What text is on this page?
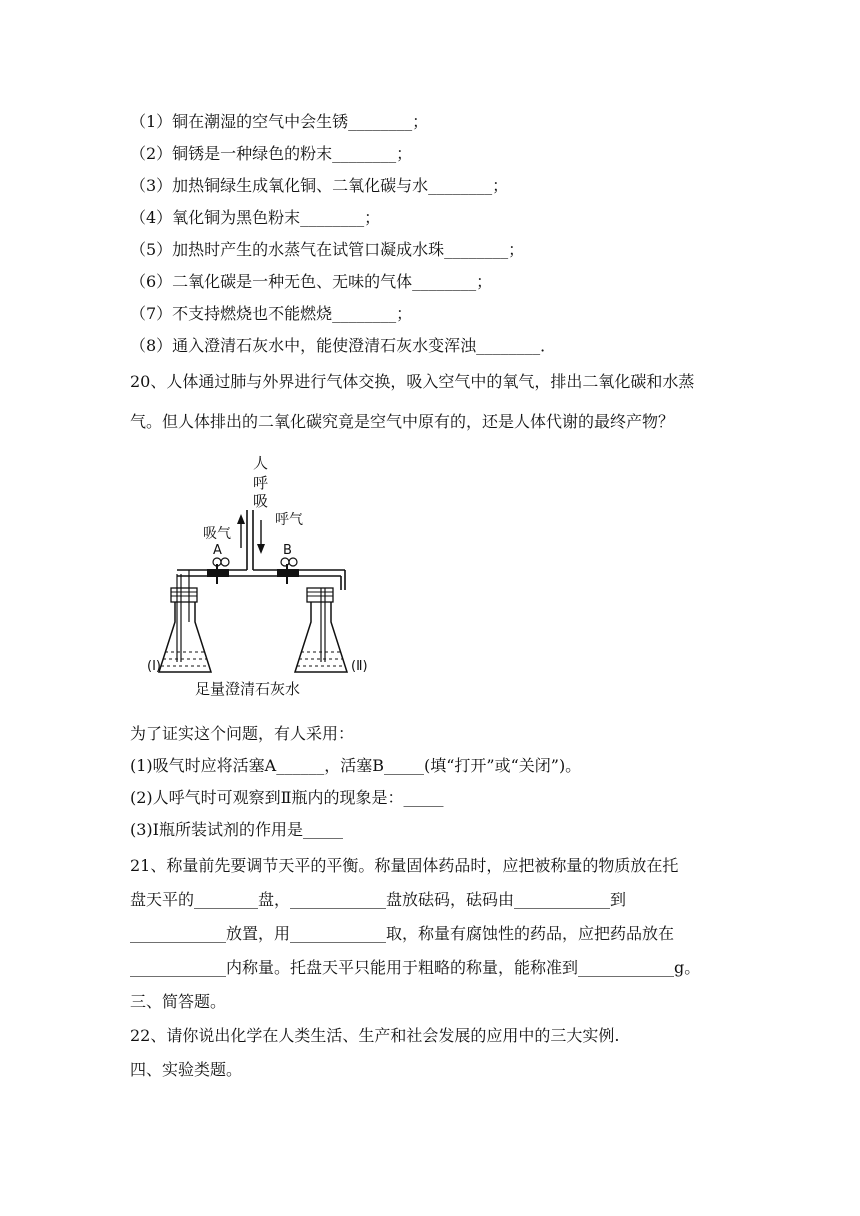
（1）铜在潮湿的空气中会生锈________；
（2）铜锈是一种绿色的粉末________；
（3）加热铜绿生成氧化铜、二氧化碳与水________；
（4）氧化铜为黑色粉末________；
（5）加热时产生的水蒸气在试管口凝成水珠________；
（6）二氧化碳是一种无色、无味的气体________；
（7）不支持燃烧也不能燃烧________；
（8）通入澄清石灰水中，能使澄清石灰水变浑浊________．
20、人体通过肺与外界进行气体交换，吸入空气中的氧气，排出二氧化碳和水蒸
气。但人体排出的二氧化碳究竟是空气中原有的，还是人体代谢的最终产物？
人
呼
吸
吸气
呼气
A	B
(I)	(Ⅱ)
足量澄清石灰水
为了证实这个问题，有人采用：
(1)吸气时应将活塞A______，活塞B_____(填“打开”或“关闭”)。
(2)人呼气时可观察到Ⅱ瓶内的现象是：_____
(3)Ⅰ瓶所装试剂的作用是_____
21、称量前先要调节天平的平衡。称量固体药品时，应把被称量的物质放在托
盘天平的________盘，____________盘放砝码，砝码由____________到
____________放置，用____________取，称量有腐蚀性的药品，应把药品放在
____________内称量。托盘天平只能用于粗略的称量，能称准到____________g。
三、简答题。
22、请你说出化学在人类生活、生产和社会发展的应用中的三大实例.
四、实验类题。
